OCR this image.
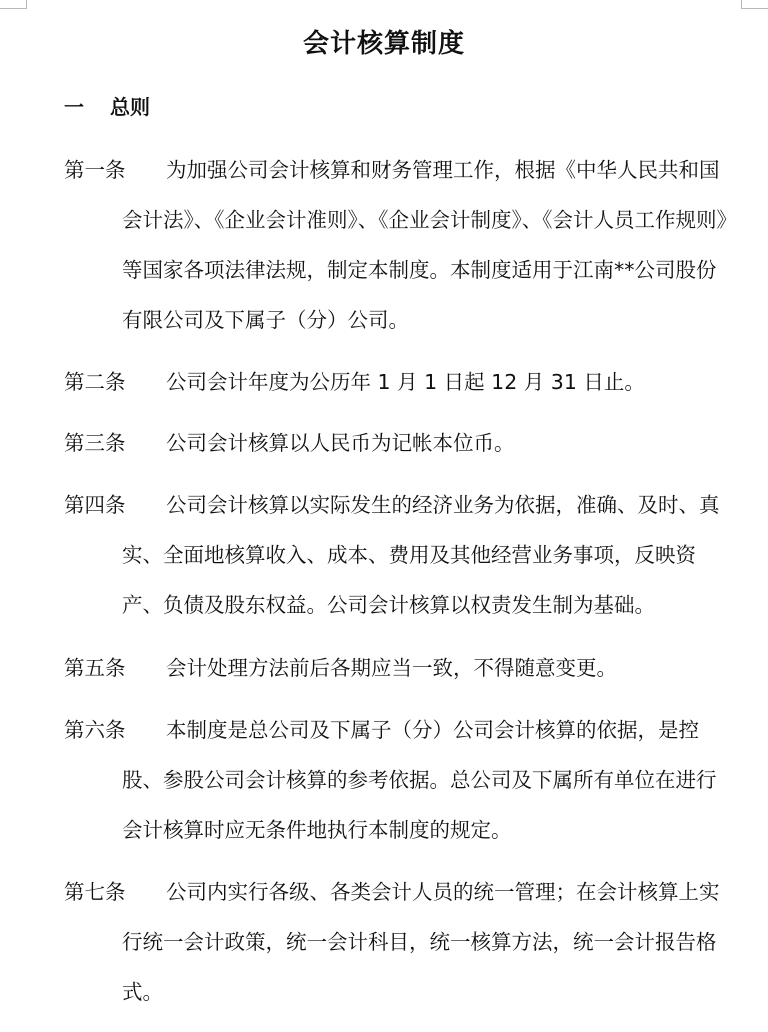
会计核算制度
一 总则
第一条	为加强公司会计核算和财务管理工作，根据《中华人民共和国会计法》、《企业会计准则》、《企业会计制度》、《会计人员工作规则》等国家各项法律法规，制定本制度。本制度适用于江南**公司股份有限公司及下属子（分）公司。
第二条	公司会计年度为公历年 1 月 1 日起 12 月 31 日止。
第三条	公司会计核算以人民币为记帐本位币。
第四条	公司会计核算以实际发生的经济业务为依据，准确、及时、真实、全面地核算收入、成本、费用及其他经营业务事项，反映资产、负债及股东权益。公司会计核算以权责发生制为基础。
第五条	会计处理方法前后各期应当一致，不得随意变更。
第六条	本制度是总公司及下属子（分）公司会计核算的依据，是控股、参股公司会计核算的参考依据。总公司及下属所有单位在进行会计核算时应无条件地执行本制度的规定。
第七条	公司内实行各级、各类会计人员的统一管理；在会计核算上实行统一会计政策，统一会计科目，统一核算方法，统一会计报告格式。
